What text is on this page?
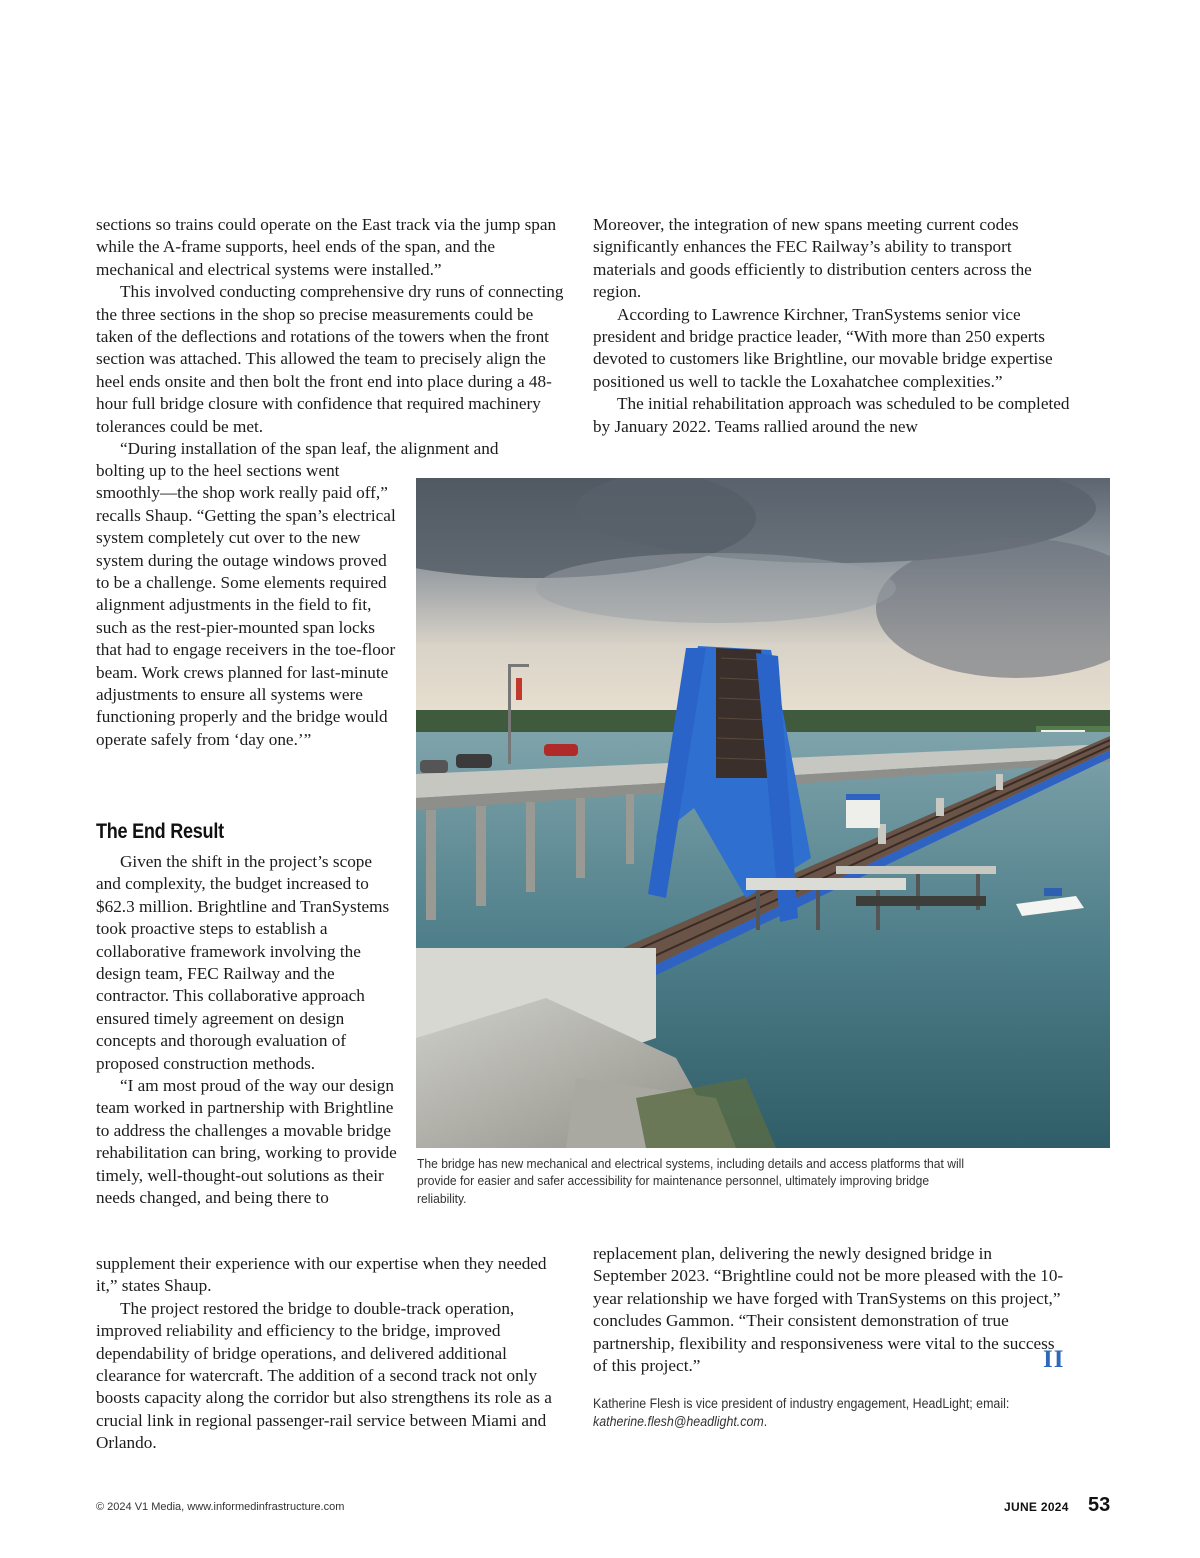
sections so trains could operate on the East track via the jump span while the A-frame supports, heel ends of the span, and the mechanical and electrical systems were installed.”

This involved conducting comprehensive dry runs of connecting the three sections in the shop so precise measurements could be taken of the deflections and rotations of the towers when the front section was attached. This allowed the team to precisely align the heel ends onsite and then bolt the front end into place during a 48-hour full bridge closure with confidence that required machinery tolerances could be met.

“During installation of the span leaf, the alignment and

bolting up to the heel sections went smoothly—the shop work really paid off,” recalls Shaup. “Getting the span’s electrical system completely cut over to the new system during the outage windows proved to be a challenge. Some elements required alignment adjustments in the field to fit, such as the rest-pier-mounted span locks that had to engage receivers in the toe-floor beam. Work crews planned for last-minute adjustments to ensure all systems were functioning properly and the bridge would operate safely from ‘day one.’”

The End Result

Given the shift in the project’s scope and complexity, the budget increased to $62.3 million. Brightline and TranSystems took proactive steps to establish a collaborative framework involving the design team, FEC Railway and the contractor. This collaborative approach ensured timely agreement on design concepts and thorough evaluation of proposed construction methods.

“I am most proud of the way our design team worked in partnership with Brightline to address the challenges a movable bridge rehabilitation can bring, working to provide timely, well-thought-out solutions as their needs changed, and being there to

supplement their experience with our expertise when they needed it,” states Shaup.

The project restored the bridge to double-track operation, improved reliability and efficiency to the bridge, improved dependability of bridge operations, and delivered additional clearance for watercraft. The addition of a second track not only boosts capacity along the corridor but also strengthens its role as a crucial link in regional passenger-rail service between Miami and Orlando.

Moreover, the integration of new spans meeting current codes significantly enhances the FEC Railway’s ability to transport materials and goods efficiently to distribution centers across the region.

According to Lawrence Kirchner, TranSystems senior vice president and bridge practice leader, “With more than 250 experts devoted to customers like Brightline, our movable bridge expertise positioned us well to tackle the Loxahatchee complexities.”

The initial rehabilitation approach was scheduled to be completed by January 2022. Teams rallied around the new

replacement plan, delivering the newly designed bridge in September 2023. “Brightline could not be more pleased with the 10-year relationship we have forged with TranSystems on this project,” concludes Gammon. “Their consistent demonstration of true partnership, flexibility and responsiveness were vital to the success of this project.”	II
The bridge has new mechanical and electrical systems, including details and access platforms that will provide for easier and safer accessibility for maintenance personnel, ultimately improving bridge reliability.
Katherine Flesh is vice president of industry engagement, HeadLight; email: katherine.flesh@headlight.com.
© 2024 V1 Media, www.informedinfrastructure.com	JUNE 2024 53
